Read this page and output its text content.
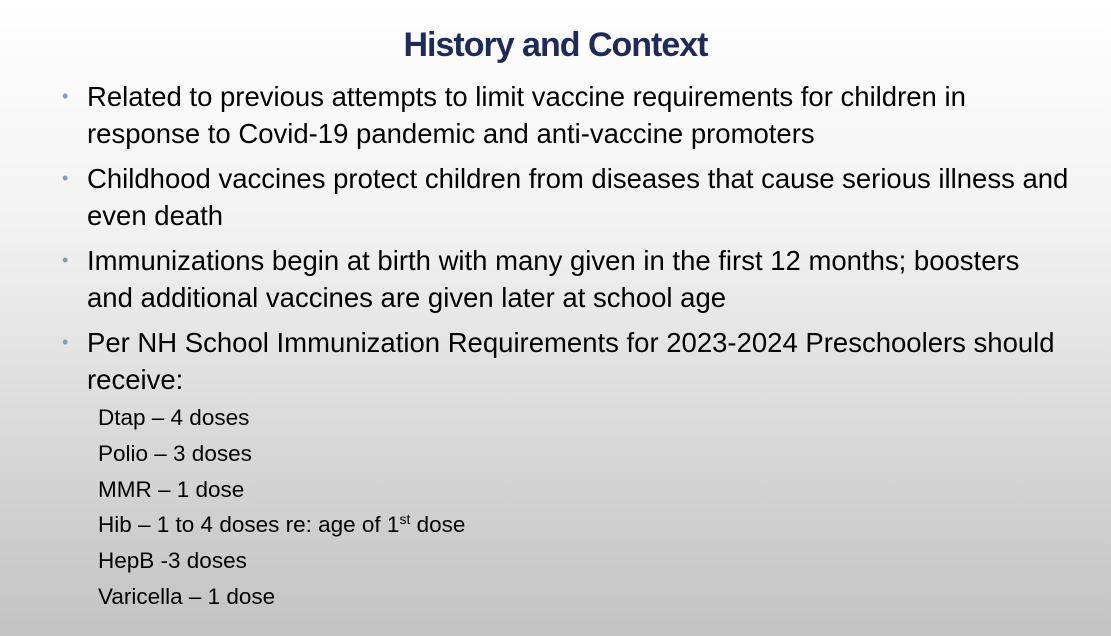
History and Context
• Related to previous attempts to limit vaccine requirements for children in response to Covid-19 pandemic and anti-vaccine promoters
• Childhood vaccines protect children from diseases that cause serious illness and even death
• Immunizations begin at birth with many given in the first 12 months; boosters and additional vaccines are given later at school age
• Per NH School Immunization Requirements for 2023-2024 Preschoolers should receive:
Dtap – 4 doses
Polio – 3 doses
MMR – 1 dose
Hib – 1 to 4 doses re: age of 1st dose
HepB -3 doses
Varicella – 1 dose
